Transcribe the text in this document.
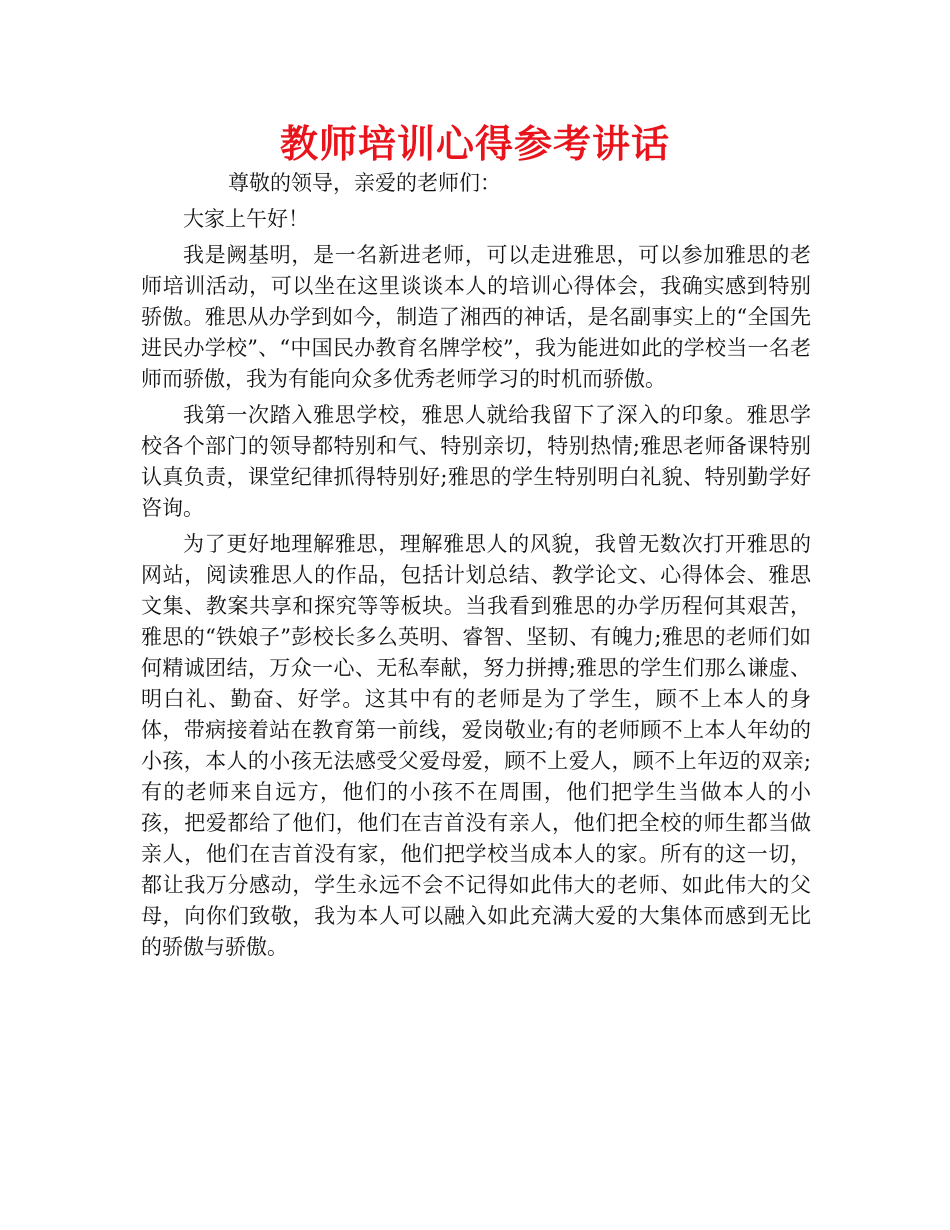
教师培训心得参考讲话

尊敬的领导，亲爱的老师们：

大家上午好！

我是阙基明，是一名新进老师，可以走进雅思，可以参加雅思的老师培训活动，可以坐在这里谈谈本人的培训心得体会，我确实感到特别骄傲。雅思从办学到如今，制造了湘西的神话，是名副事实上的“全国先进民办学校”、“中国民办教育名牌学校”，我为能进如此的学校当一名老师而骄傲，我为有能向众多优秀老师学习的时机而骄傲。

我第一次踏入雅思学校，雅思人就给我留下了深入的印象。雅思学校各个部门的领导都特别和气、特别亲切，特别热情;雅思老师备课特别认真负责，课堂纪律抓得特别好;雅思的学生特别明白礼貌、特别勤学好咨询。

为了更好地理解雅思，理解雅思人的风貌，我曾无数次打开雅思的网站，阅读雅思人的作品，包括计划总结、教学论文、心得体会、雅思文集、教案共享和探究等等板块。当我看到雅思的办学历程何其艰苦，雅思的“铁娘子”彭校长多么英明、睿智、坚韧、有魄力;雅思的老师们如何精诚团结，万众一心、无私奉献，努力拼搏;雅思的学生们那么谦虚、明白礼、勤奋、好学。这其中有的老师是为了学生，顾不上本人的身体，带病接着站在教育第一前线，爱岗敬业;有的老师顾不上本人年幼的小孩，本人的小孩无法感受父爱母爱，顾不上爱人，顾不上年迈的双亲;有的老师来自远方，他们的小孩不在周围，他们把学生当做本人的小孩，把爱都给了他们，他们在吉首没有亲人，他们把全校的师生都当做亲人，他们在吉首没有家，他们把学校当成本人的家。所有的这一切，都让我万分感动，学生永远不会不记得如此伟大的老师、如此伟大的父母，向你们致敬，我为本人可以融入如此充满大爱的大集体而感到无比的骄傲与骄傲。
